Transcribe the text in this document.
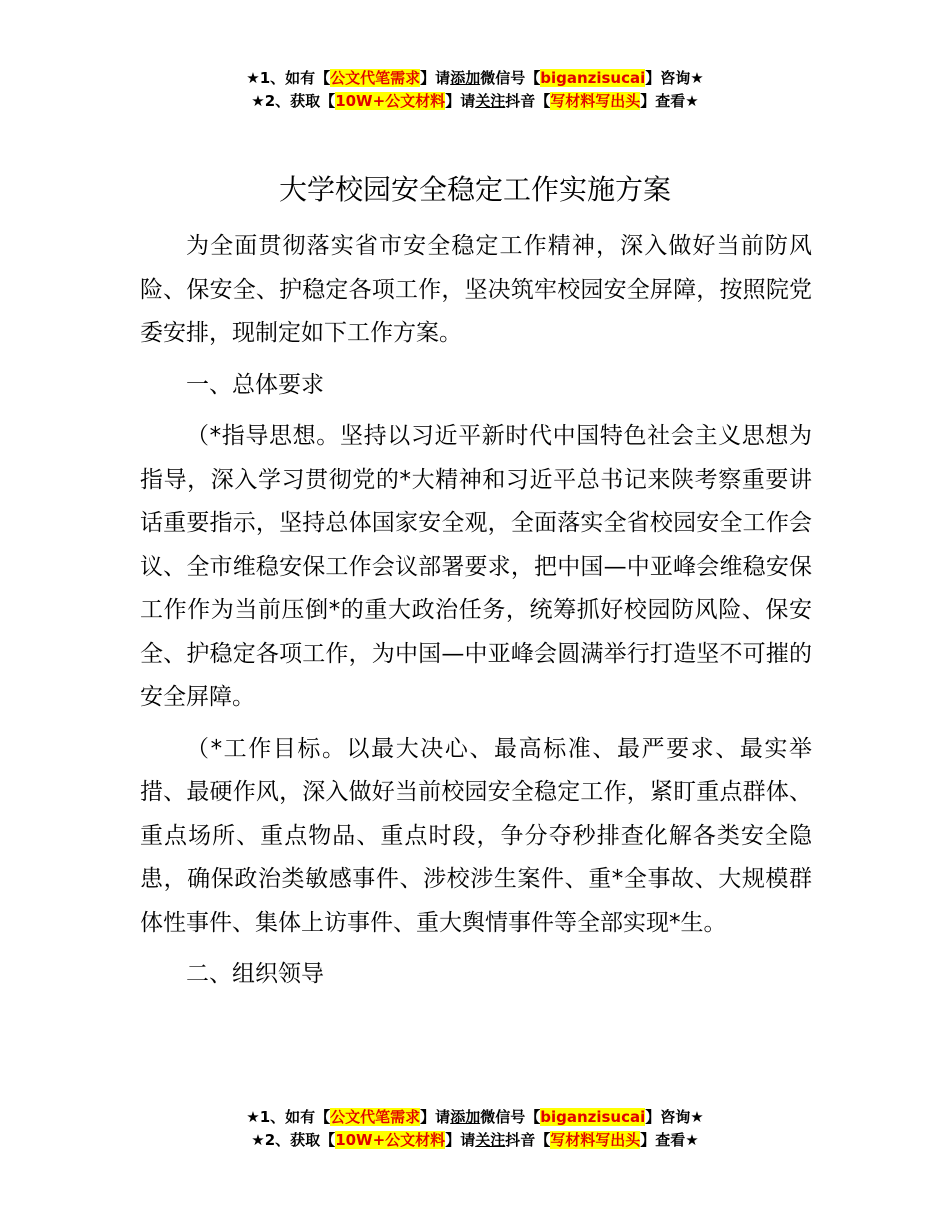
★1、如有【公文代笔需求】请添加微信号【biganzisucai】咨询★
★2、获取【10W+公文材料】请关注抖音【写材料写出头】查看★
大学校园安全稳定工作实施方案

为全面贯彻落实省市安全稳定工作精神，深入做好当前防风险、保安全、护稳定各项工作，坚决筑牢校园安全屏障，按照院党委安排，现制定如下工作方案。

一、总体要求

（*指导思想。坚持以习近平新时代中国特色社会主义思想为指导，深入学习贯彻党的*大精神和习近平总书记来陕考察重要讲话重要指示，坚持总体国家安全观，全面落实全省校园安全工作会议、全市维稳安保工作会议部署要求，把中国—中亚峰会维稳安保工作作为当前压倒*的重大政治任务，统筹抓好校园防风险、保安全、护稳定各项工作，为中国—中亚峰会圆满举行打造坚不可摧的安全屏障。

（*工作目标。以最大决心、最高标准、最严要求、最实举措、最硬作风，深入做好当前校园安全稳定工作，紧盯重点群体、重点场所、重点物品、重点时段，争分夺秒排查化解各类安全隐患，确保政治类敏感事件、涉校涉生案件、重*全事故、大规模群体性事件、集体上访事件、重大舆情事件等全部实现*生。

二、组织领导

★1、如有【公文代笔需求】请添加微信号【biganzisucai】咨询★
★2、获取【10W+公文材料】请关注抖音【写材料写出头】查看★
